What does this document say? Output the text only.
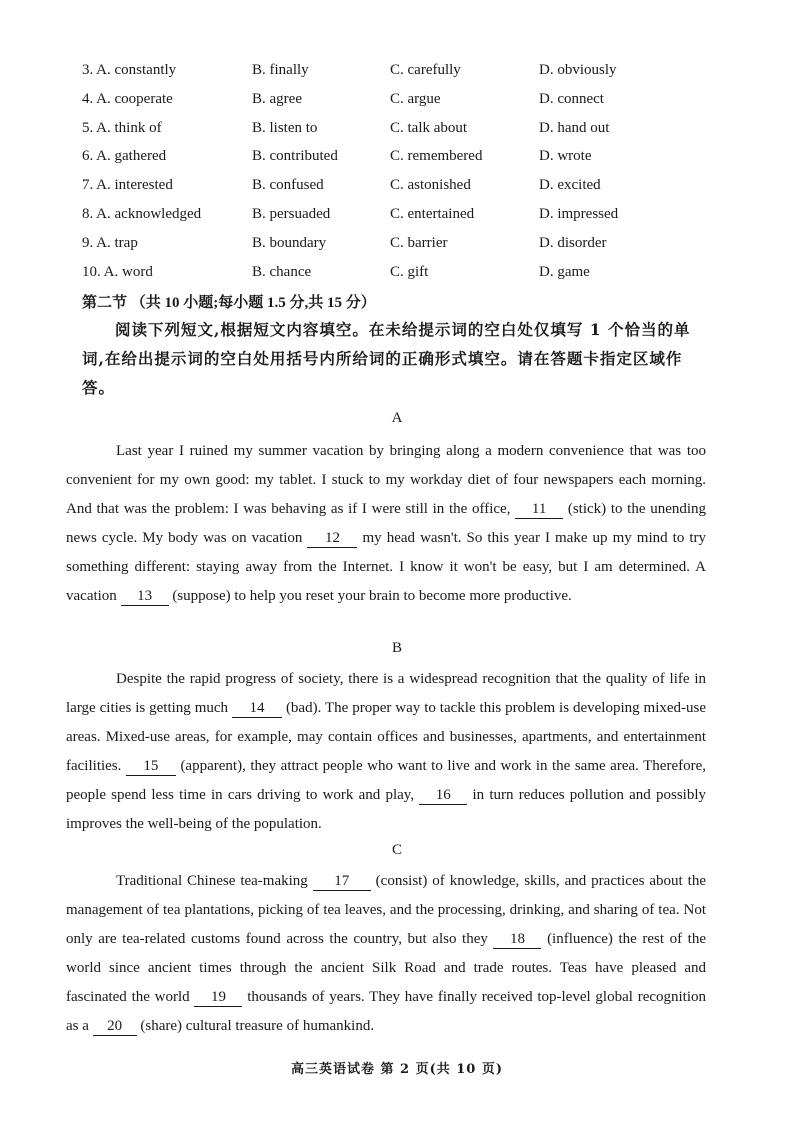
3. A. constantly	B. finally	C. carefully	D. obviously
4. A. cooperate	B. agree	C. argue	D. connect
5. A. think of	B. listen to	C. talk about	D. hand out
6. A. gathered	B. contributed	C. remembered	D. wrote
7. A. interested	B. confused	C. astonished	D. excited
8. A. acknowledged	B. persuaded	C. entertained	D. impressed
9. A. trap	B. boundary	C. barrier	D. disorder
10. A. word	B. chance	C. gift	D. game
第二节 （共 10 小题;每小题 1.5 分,共 15 分）
阅读下列短文,根据短文内容填空。在未给提示词的空白处仅填写 1 个恰当的单词,在给出提示词的空白处用括号内所给词的正确形式填空。请在答题卡指定区域作答。
A
Last year I ruined my summer vacation by bringing along a modern convenience that was too convenient for my own good: my tablet. I stuck to my workday diet of four newspapers each morning. And that was the problem: I was behaving as if I were still in the office, 11 (stick) to the unending news cycle. My body was on vacation 12 my head wasn't. So this year I make up my mind to try something different: staying away from the Internet. I know it won't be easy, but I am determined. A vacation 13 (suppose) to help you reset your brain to become more productive.
B
Despite the rapid progress of society, there is a widespread recognition that the quality of life in large cities is getting much 14 (bad). The proper way to tackle this problem is developing mixed-use areas. Mixed-use areas, for example, may contain offices and businesses, apartments, and entertainment facilities. 15 (apparent), they attract people who want to live and work in the same area. Therefore, people spend less time in cars driving to work and play, 16 in turn reduces pollution and possibly improves the well-being of the population.
C
Traditional Chinese tea-making 17 (consist) of knowledge, skills, and practices about the management of tea plantations, picking of tea leaves, and the processing, drinking, and sharing of tea. Not only are tea-related customs found across the country, but also they 18 (influence) the rest of the world since ancient times through the ancient Silk Road and trade routes. Teas have pleased and fascinated the world 19 thousands of years. They have finally received top-level global recognition as a 20 (share) cultural treasure of humankind.
高三英语试卷 第 2 页(共 10 页)
